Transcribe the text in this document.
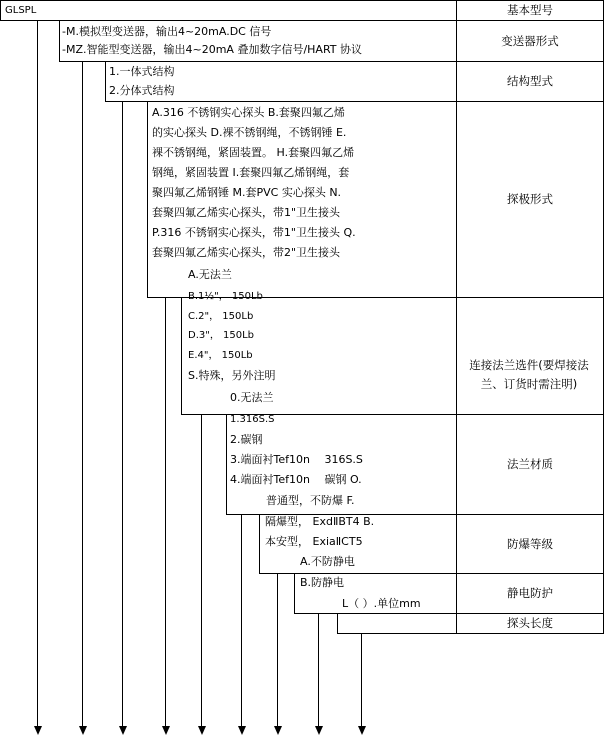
GLSPL	基本型号
变送器形式
结构型式
探极形式
连接法兰选件(要焊接法兰、订货时需注明)
法兰材质
防爆等级
静电防护
探头长度
-M.模拟型变送器，输出4~20mA.DC 信号
-MZ.智能型变送器，输出4~20mA 叠加数字信号/HART 协议
1.一体式结构
2.分体式结构
A.316 不锈钢实心探头 B.套聚四氟乙烯
的实心探头 D.裸不锈钢绳，不锈钢锤 E.
裸不锈钢绳，紧固装置。 H.套聚四氟乙烯
钢绳，紧固装置 I.套聚四氟乙烯钢绳，套
聚四氟乙烯钢锤 M.套PVC 实心探头 N.
套聚四氟乙烯实心探头，带1"卫生接头
P.316 不锈钢实心探头，带1"卫生接头 Q.
套聚四氟乙烯实心探头，带2"卫生接头
A.无法兰
B.1½"， 150Lb
C.2"， 150Lb
D.3"， 150Lb
E.4"， 150Lb
S.特殊，另外注明
0.无法兰
1.316S.S
2.碳钢
3.端面衬Tef10n　 316S.S
4.端面衬Tef10n　 碳钢 O.
普通型，不防爆 F.
隔爆型， ExdⅡBT4 B.
本安型， ExiaⅡCT5
A.不防静电
B.防静电
L（ ）.单位mm
